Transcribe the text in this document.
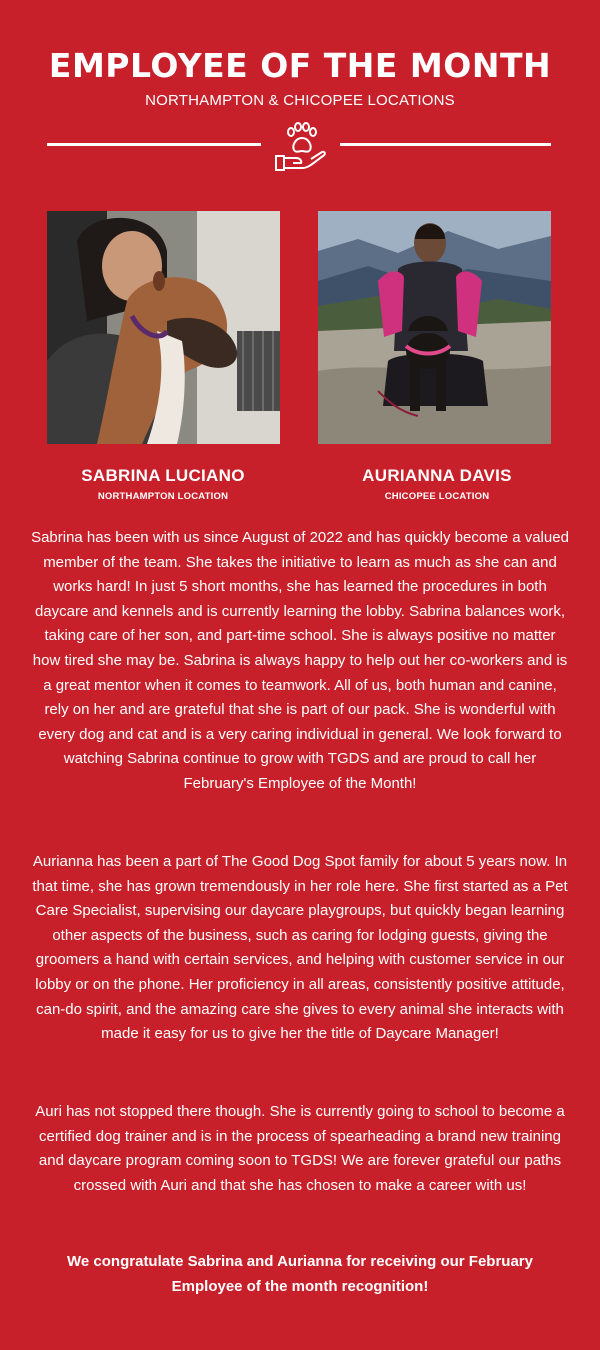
EMPLOYEE OF THE MONTH
NORTHAMPTON & CHICOPEE LOCATIONS
SABRINA LUCIANO
NORTHAMPTON LOCATION
AURIANNA DAVIS
CHICOPEE LOCATION
Sabrina has been with us since August of 2022 and has quickly become a valued member of the team. She takes the initiative to learn as much as she can and works hard! In just 5 short months, she has learned the procedures in both daycare and kennels and is currently learning the lobby. Sabrina balances work, taking care of her son, and part-time school. She is always positive no matter how tired she may be. Sabrina is always happy to help out her co-workers and is a great mentor when it comes to teamwork. All of us, both human and canine, rely on her and are grateful that she is part of our pack. She is wonderful with every dog and cat and is a very caring individual in general. We look forward to watching Sabrina continue to grow with TGDS and are proud to call her February's Employee of the Month!
Aurianna has been a part of The Good Dog Spot family for about 5 years now. In that time, she has grown tremendously in her role here. She first started as a Pet Care Specialist, supervising our daycare playgroups, but quickly began learning other aspects of the business, such as caring for lodging guests, giving the groomers a hand with certain services, and helping with customer service in our lobby or on the phone. Her proficiency in all areas, consistently positive attitude, can-do spirit, and the amazing care she gives to every animal she interacts with made it easy for us to give her the title of Daycare Manager!
Auri has not stopped there though. She is currently going to school to become a certified dog trainer and is in the process of spearheading a brand new training and daycare program coming soon to TGDS! We are forever grateful our paths crossed with Auri and that she has chosen to make a career with us!
We congratulate Sabrina and Aurianna for receiving our February Employee of the month recognition!
